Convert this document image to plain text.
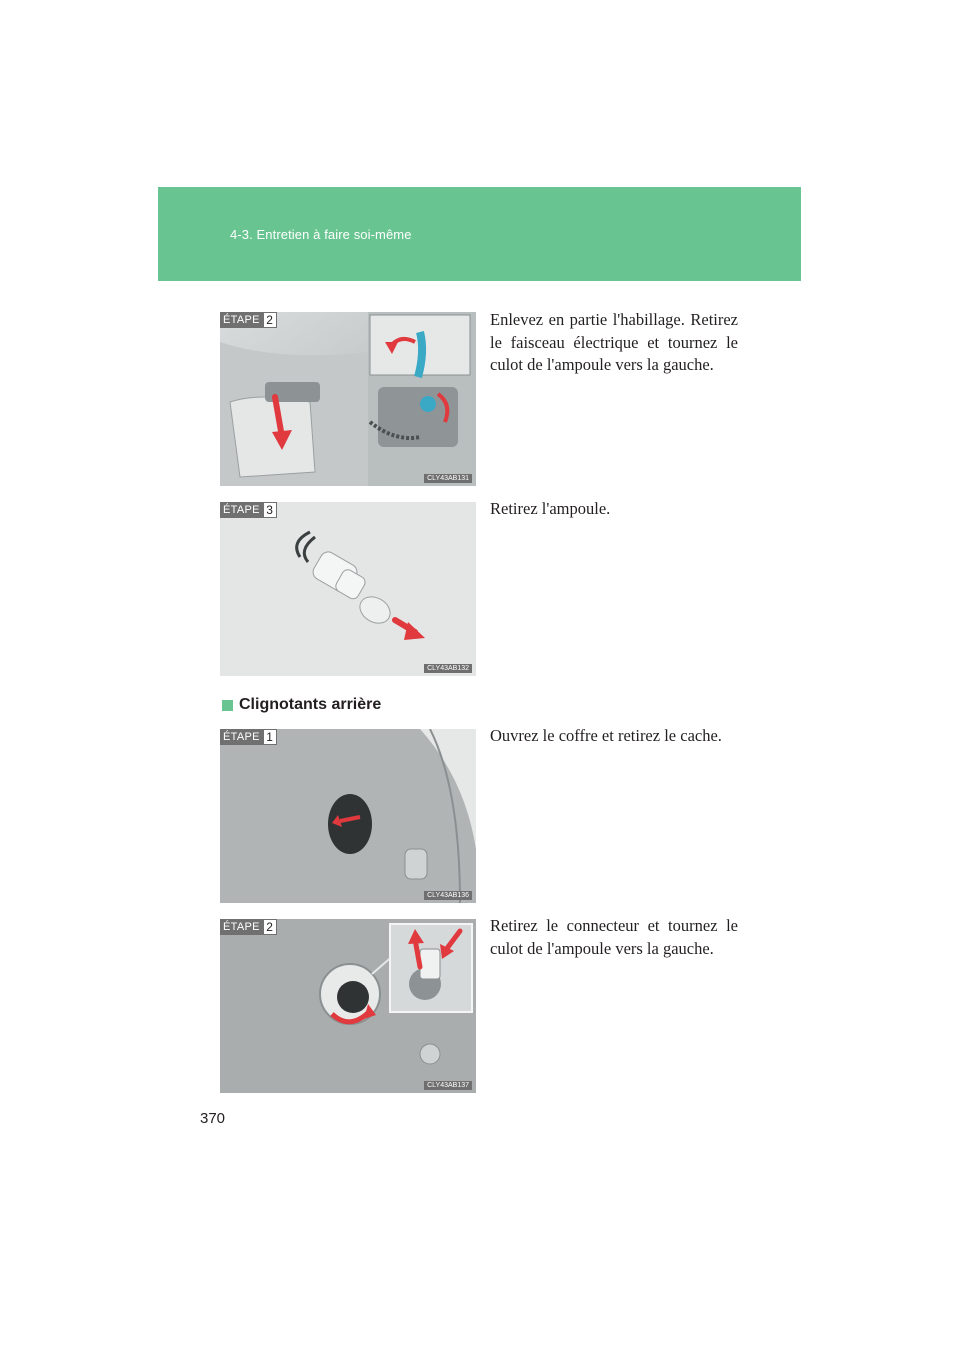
4-3. Entretien à faire soi-même
ÉTAPE 2
CLY43AB131
Enlevez en partie l'habillage. Retirez le faisceau électrique et tournez le culot de l'ampoule vers la gauche.
ÉTAPE 3
CLY43AB132
Retirez l'ampoule.
Clignotants arrière
ÉTAPE 1
CLY43AB136
Ouvrez le coffre et retirez le cache.
ÉTAPE 2
CLY43AB137
Retirez le connecteur et tournez le culot de l'ampoule vers la gauche.
370
